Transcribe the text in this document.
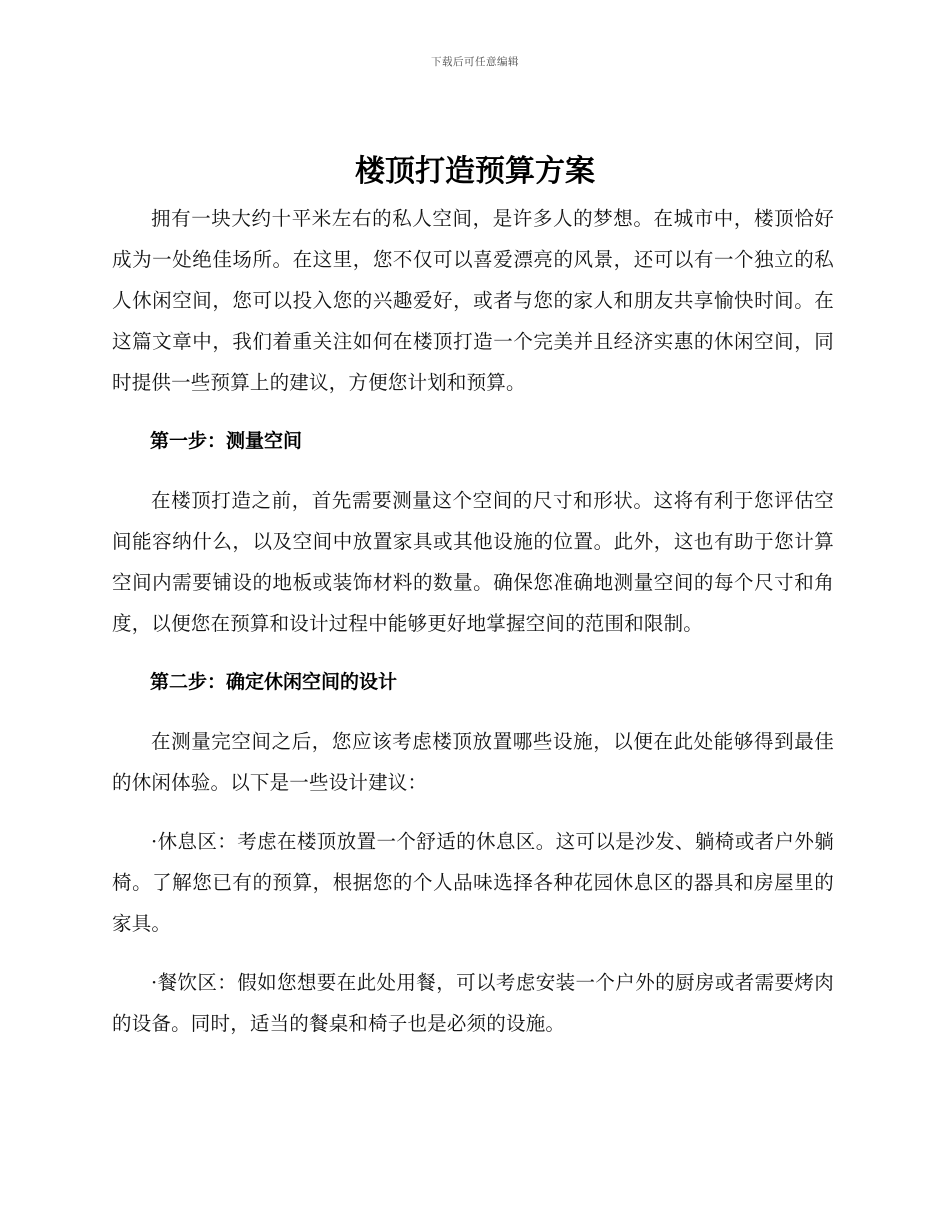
下载后可任意编辑
楼顶打造预算方案

拥有一块大约十平米左右的私人空间，是许多人的梦想。在城市中，楼顶恰好成为一处绝佳场所。在这里，您不仅可以喜爱漂亮的风景，还可以有一个独立的私人休闲空间，您可以投入您的兴趣爱好，或者与您的家人和朋友共享愉快时间。在这篇文章中，我们着重关注如何在楼顶打造一个完美并且经济实惠的休闲空间，同时提供一些预算上的建议，方便您计划和预算。

第一步：测量空间

在楼顶打造之前，首先需要测量这个空间的尺寸和形状。这将有利于您评估空间能容纳什么，以及空间中放置家具或其他设施的位置。此外，这也有助于您计算空间内需要铺设的地板或装饰材料的数量。确保您准确地测量空间的每个尺寸和角度，以便您在预算和设计过程中能够更好地掌握空间的范围和限制。

第二步：确定休闲空间的设计

在测量完空间之后，您应该考虑楼顶放置哪些设施，以便在此处能够得到最佳的休闲体验。以下是一些设计建议：

·休息区：考虑在楼顶放置一个舒适的休息区。这可以是沙发、躺椅或者户外躺椅。了解您已有的预算，根据您的个人品味选择各种花园休息区的器具和房屋里的家具。

·餐饮区：假如您想要在此处用餐，可以考虑安装一个户外的厨房或者需要烤肉的设备。同时，适当的餐桌和椅子也是必须的设施。
